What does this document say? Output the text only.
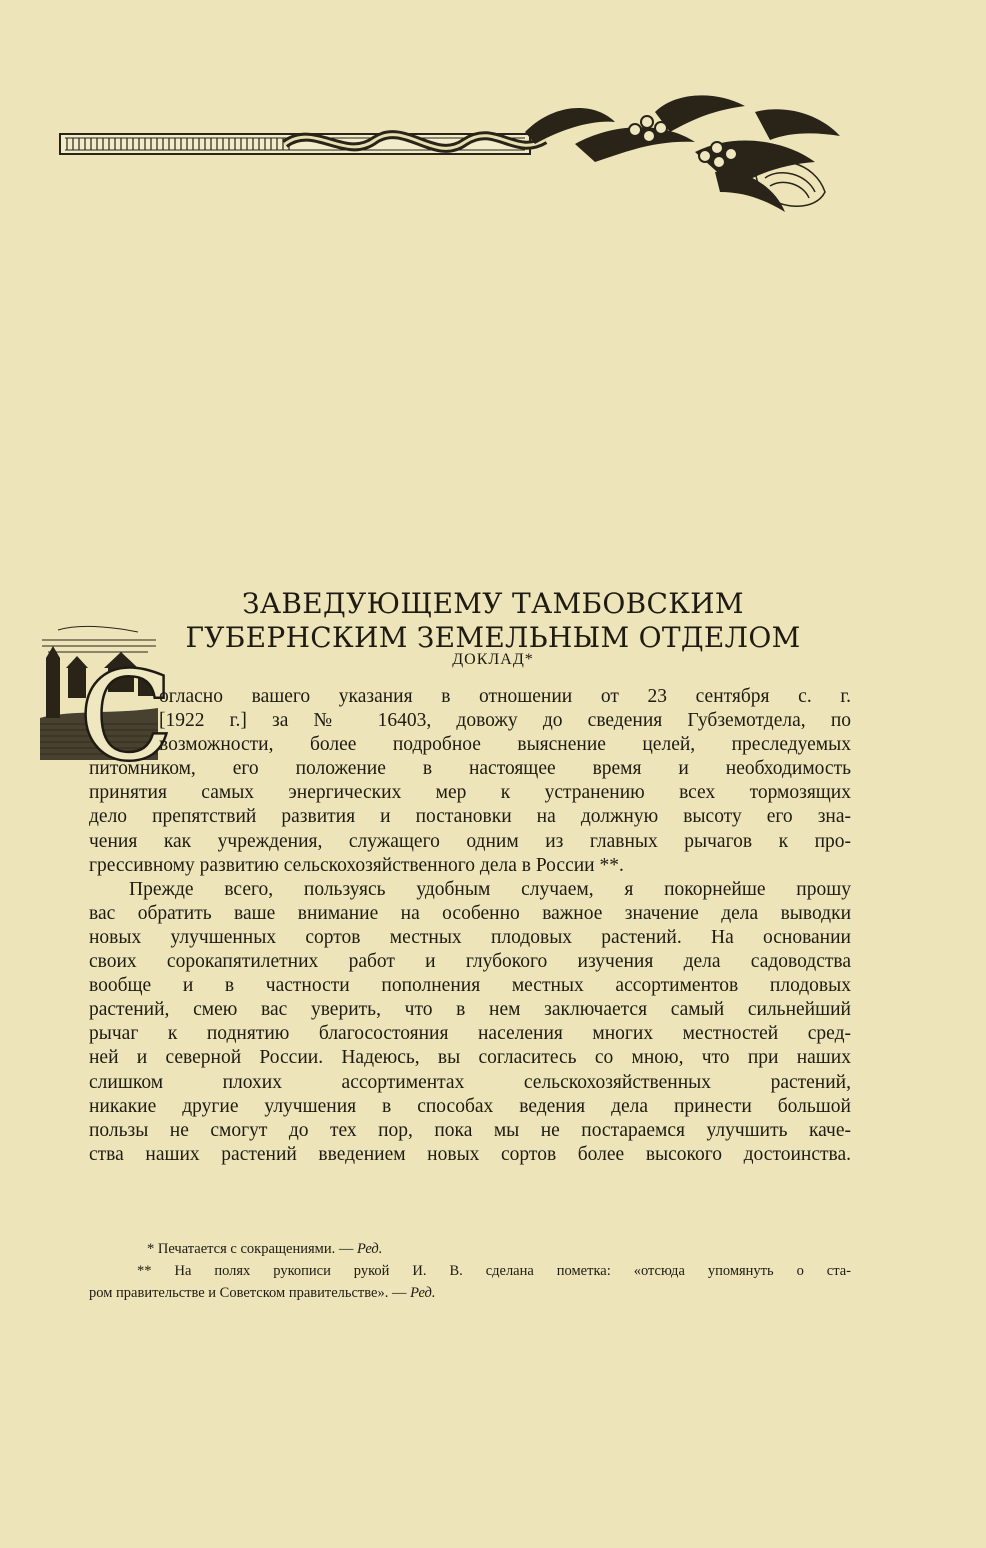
ЗАВЕДУЮЩЕМУ ТАМБОВСКИМ
ГУБЕРНСКИМ ЗЕМЕЛЬНЫМ ОТДЕЛОМ
ДОКЛАД*
С

огласно вашего указания в отношении от 23 сентября с. г.

[1922 г.] за № 16403, довожу до сведения Губземотдела, по

возможности, более подробное выяснение целей, преследуемых

питомником, его положение в настоящее время и необходимость

принятия самых энергических мер к устранению всех тормозящих

дело препятствий развития и постановки на должную высоту его зна-

чения как учреждения, служащего одним из главных рычагов к про-

грессивному развитию сельскохозяйственного дела в России **.

Прежде всего, пользуясь удобным случаем, я покорнейше прошу

вас обратить ваше внимание на особенно важное значение дела выводки

новых улучшенных сортов местных плодовых растений. На основании

своих сорокапятилетних работ и глубокого изучения дела садоводства

вообще и в частности пополнения местных ассортиментов плодовых

растений, смею вас уверить, что в нем заключается самый сильнейший

рычаг к поднятию благосостояния населения многих местностей сред-

ней и северной России. Надеюсь, вы согласитесь со мною, что при наших

слишком плохих ассортиментах сельскохозяйственных растений,

никакие другие улучшения в способах ведения дела принести большой

пользы не смогут до тех пор, пока мы не постараемся улучшить каче-

ства наших растений введением новых сортов более высокого достоинства.

* Печатается с сокращениями. — Ред.

** На полях рукописи рукой И. В. сделана пометка: «отсюда упомянуть о ста-

ром правительстве и Советском правительстве». — Ред.
